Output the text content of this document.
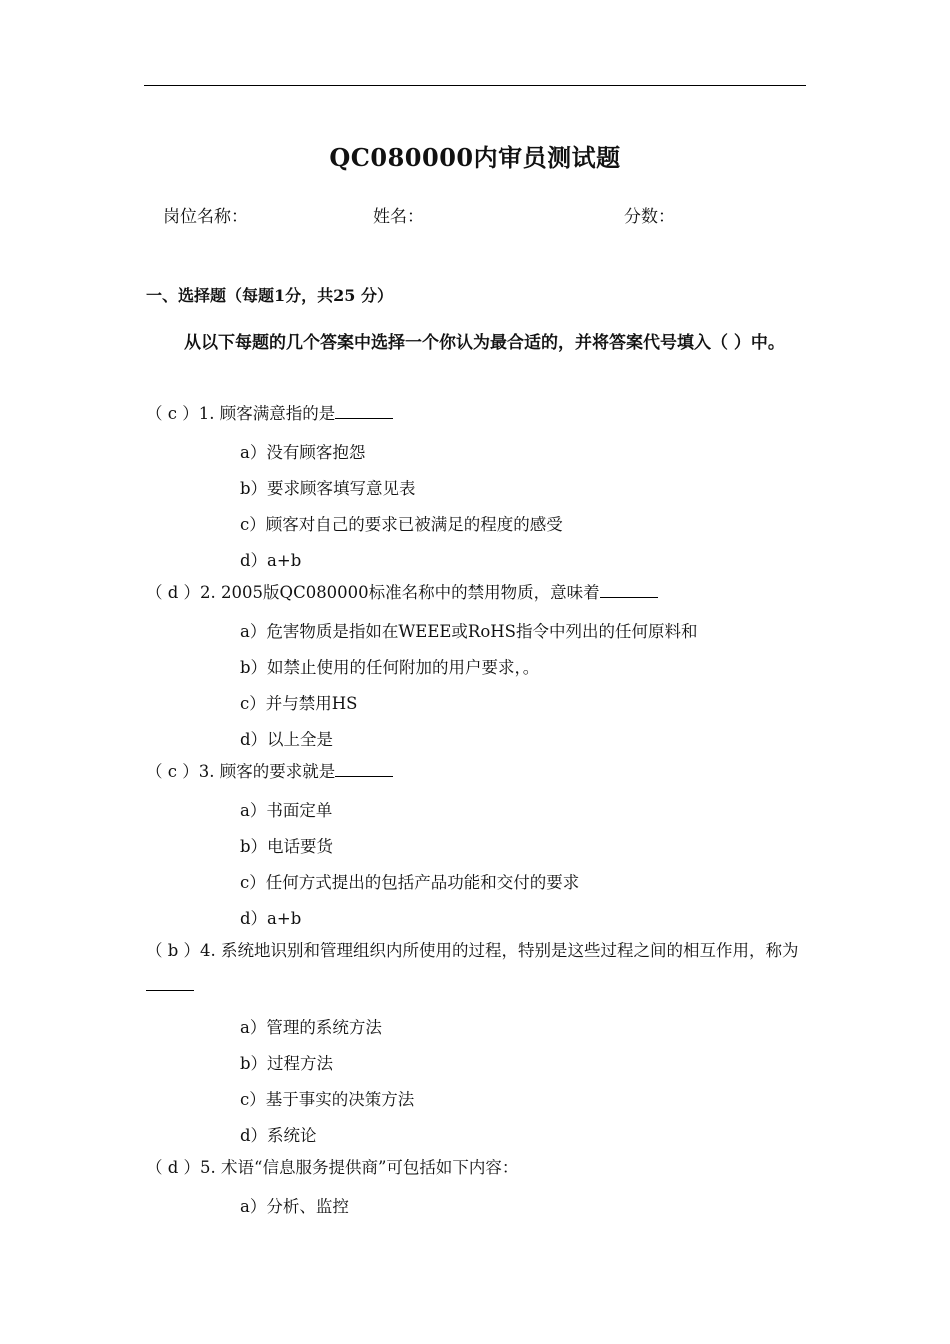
QC080000内审员测试题
岗位名称：	姓名：	分数：
一、选择题（每题1分，共25 分）
从以下每题的几个答案中选择一个你认为最合适的，并将答案代号填入（ ）中。
（ c ）1. 顾客满意指的是
a）没有顾客抱怨
b）要求顾客填写意见表
c）顾客对自己的要求已被满足的程度的感受
d）a+b
（ d ）2. 2005版QC080000标准名称中的禁用物质，意味着
a）危害物质是指如在WEEE或RoHS指令中列出的任何原料和
b）如禁止使用的任何附加的用户要求，。
c）并与禁用HS
d）以上全是
（ c ）3. 顾客的要求就是
a）书面定单
b）电话要货
c）任何方式提出的包括产品功能和交付的要求
d）a+b
（ b ）4. 系统地识别和管理组织内所使用的过程，特别是这些过程之间的相互作用，称为
a）管理的系统方法
b）过程方法
c）基于事实的决策方法
d）系统论
（ d ）5. 术语“信息服务提供商”可包括如下内容：
a）分析、监控
